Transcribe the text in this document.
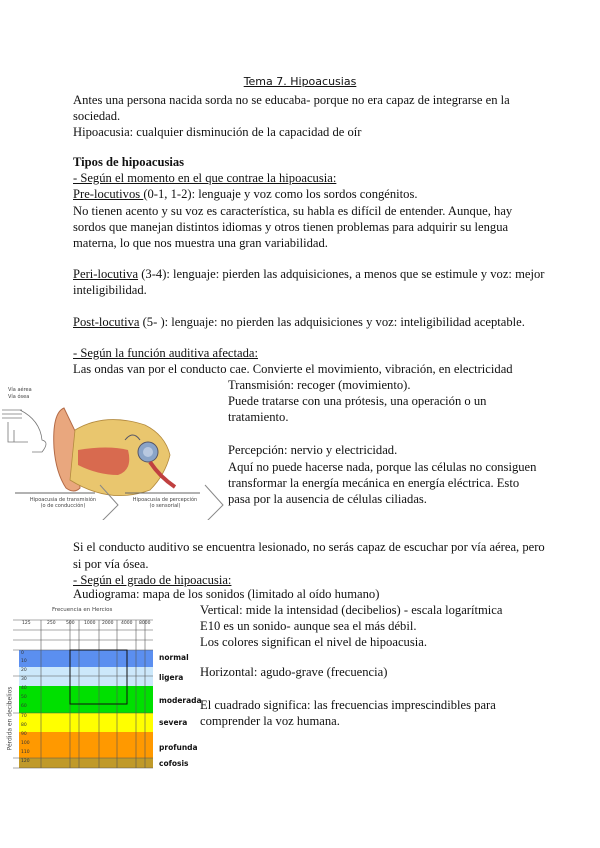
Tema 7. Hipoacusias
Antes una persona nacida sorda no se educaba- porque no era capaz de integrarse en la
sociedad.
Hipoacusia: cualquier disminución de la capacidad de oír
Tipos de hipoacusias
- Según el momento en el que contrae la hipoacusia:
Pre-locutivos (0-1, 1-2): lenguaje y voz como los sordos congénitos.
No tienen acento y su voz es característica, su habla es difícil de entender. Aunque, hay
sordos que manejan distintos idiomas y otros tienen problemas para adquirir su lengua
materna, lo que nos muestra una gran variabilidad.
Peri-locutiva (3-4): lenguaje: pierden las adquisiciones, a menos que se estimule y voz: mejor
inteligibilidad.
Post-locutiva (5- ): lenguaje: no pierden las adquisiciones y voz: inteligibilidad aceptable.
- Según la función auditiva afectada:
Las ondas van por el conducto cae. Convierte el movimiento, vibración, en electricidad
Transmisión: recoger (movimiento).
Puede tratarse con una prótesis, una operación o un
tratamiento.
Percepción: nervio y electricidad.
Aquí no puede hacerse nada, porque las células no consiguen
transformar la energía mecánica en energía eléctrica. Esto
pasa por la ausencia de células ciliadas.
Vía aérea
Vía ósea
Hipoacusia de transmisión
(o de conducción)
Hipoacusia de percepción
(o sensorial)
Si el conducto auditivo se encuentra lesionado, no serás capaz de escuchar por vía aérea, pero
si por vía ósea.
- Según el grado de hipoacusia:
Audiograma: mapa de los sonidos (limitado al oído humano)
Vertical: mide la intensidad (decibelios) - escala logarítmica
E10 es un sonido- aunque sea el más débil.
Los colores significan el nivel de hipoacusia.
Horizontal: agudo-grave (frecuencia)
El cuadrado significa: las frecuencias imprescindibles para
comprender la voz humana.
Frecuencia en Hercios
Pérdida en decibelios
125	250 500 1000 2000 4000 8000
0
10
20
30
40
50
60
70
80
90
100
110
120
normal
ligera
moderada
severa
profunda
cofosis
